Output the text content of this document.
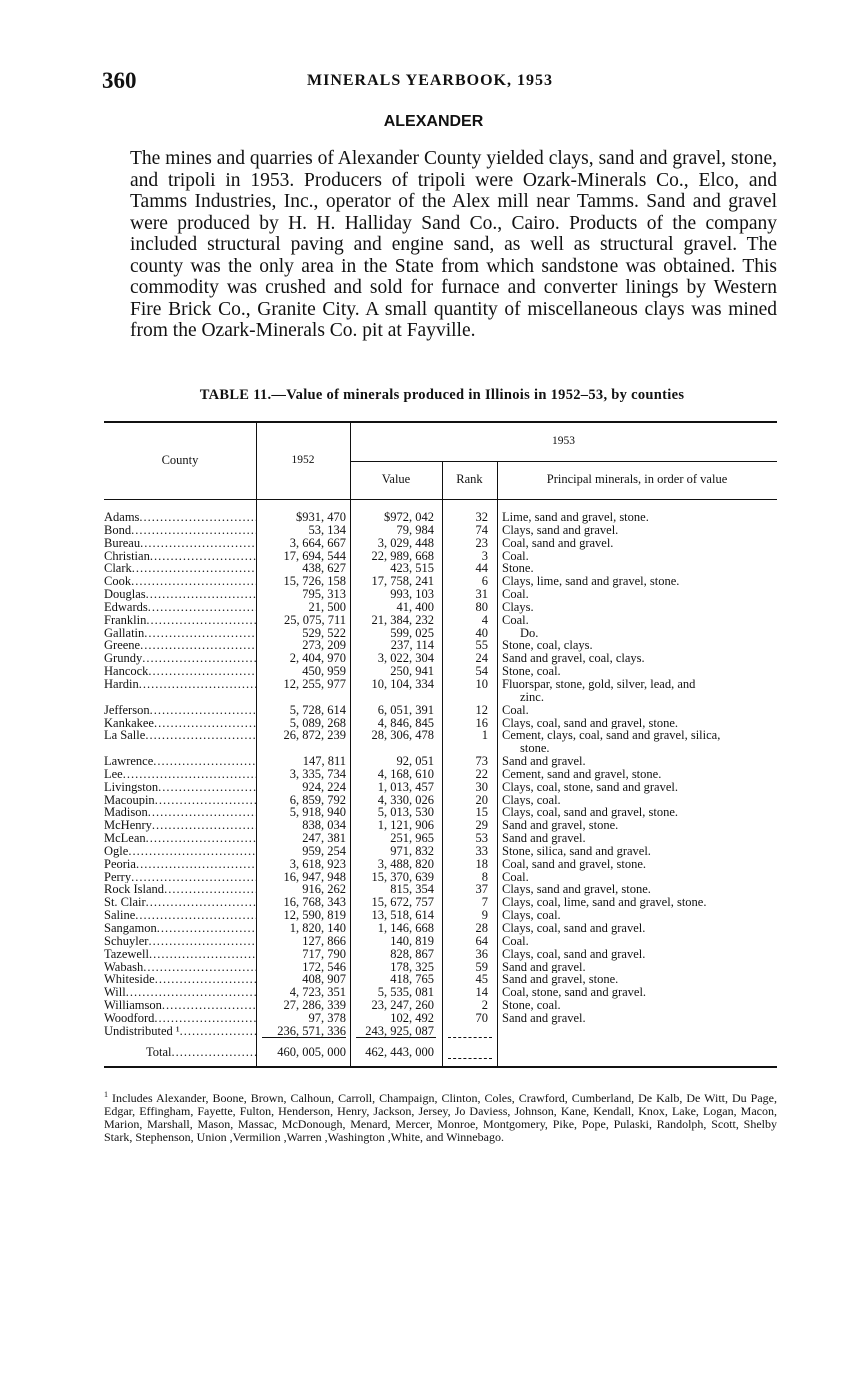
360	MINERALS YEARBOOK, 1953
ALEXANDER
The mines and quarries of Alexander County yielded clays, sand and gravel, stone, and tripoli in 1953. Producers of tripoli were Ozark-Minerals Co., Elco, and Tamms Industries, Inc., operator of the Alex mill near Tamms. Sand and gravel were produced by H. H. Halliday Sand Co., Cairo. Products of the company included structural paving and engine sand, as well as structural gravel. The county was the only area in the State from which sandstone was obtained. This commodity was crushed and sold for furnace and converter linings by Western Fire Brick Co., Granite City. A small quantity of miscellaneous clays was mined from the Ozark-Minerals Co. pit at Fayville.
TABLE 11.—Value of minerals produced in Illinois in 1952–53, by counties
County	1952
1953
Value	Rank	Principal minerals, in order of value
Adams
.....
Bond
.....
Bureau
.....
Christian
.....
Clark
.....
Cook
.....
Douglas
.....
Edwards
.....
Franklin
.....
Gallatin
.....
Greene
.....
Grundy
.....
Hancock
.....
Hardin
.....
Jefferson
.....
Kankakee
.....
La Salle
.....
Lawrence
.....
Lee
.....
Livingston
.....
Macoupin
.....
Madison
.....
McHenry
.....
McLean
.....
Ogle
.....
Peoria
.....
Perry
.....
Rock Island
.....
St. Clair
.....
Saline
.....
Sangamon
.....
Schuyler
.....
Tazewell
.....
Wabash
.....
Whiteside
.....
Will
.....
Williamson
.....
Woodford
.....
Undistributed ¹
.....
$931, 470
53, 134
3, 664, 667
17, 694, 544
438, 627
15, 726, 158
795, 313
21, 500
25, 075, 711
529, 522
273, 209
2, 404, 970
450, 959
12, 255, 977
5, 728, 614
5, 089, 268
26, 872, 239
147, 811
3, 335, 734
924, 224
6, 859, 792
5, 918, 940
838, 034
247, 381
959, 254
3, 618, 923
16, 947, 948
916, 262
16, 768, 343
12, 590, 819
1, 820, 140
127, 866
717, 790
172, 546
408, 907
4, 723, 351
27, 286, 339
97, 378
236, 571, 336
$972, 042
79, 984
3, 029, 448
22, 989, 668
423, 515
17, 758, 241
993, 103
41, 400
21, 384, 232
599, 025
237, 114
3, 022, 304
250, 941
10, 104, 334
6, 051, 391
4, 846, 845
28, 306, 478
92, 051
4, 168, 610
1, 013, 457
4, 330, 026
5, 013, 530
1, 121, 906
251, 965
971, 832
3, 488, 820
15, 370, 639
815, 354
15, 672, 757
13, 518, 614
1, 146, 668
140, 819
828, 867
178, 325
418, 765
5, 535, 081
23, 247, 260
102, 492
243, 925, 087
32
74
23
3
44
6
31
80
4
40
55
24
54
10
12
16
1
73
22
30
20
15
29
53
33
18
8
37
7
9
28
64
36
59
45
14
2
70
Lime, sand and gravel, stone.
Clays, sand and gravel.
Coal, sand and gravel.
Coal.
Stone.
Clays, lime, sand and gravel, stone.
Coal.
Clays.
Coal.
Do.
Stone, coal, clays.
Sand and gravel, coal, clays.
Stone, coal.
Fluorspar, stone, gold, silver, lead, and
zinc.
Coal.
Clays, coal, sand and gravel, stone.
Cement, clays, coal, sand and gravel, silica,
stone.
Sand and gravel.
Cement, sand and gravel, stone.
Clays, coal, stone, sand and gravel.
Clays, coal.
Clays, coal, sand and gravel, stone.
Sand and gravel, stone.
Sand and gravel.
Stone, silica, sand and gravel.
Coal, sand and gravel, stone.
Coal.
Clays, sand and gravel, stone.
Clays, coal, lime, sand and gravel, stone.
Clays, coal.
Clays, coal, sand and gravel.
Coal.
Clays, coal, sand and gravel.
Sand and gravel.
Sand and gravel, stone.
Coal, stone, sand and gravel.
Stone, coal.
Sand and gravel.
Total
.....	460, 005, 000	462, 443, 000
$^1$ Includes Alexander, Boone, Brown, Calhoun, Carroll, Champaign, Clinton, Coles, Crawford, Cumberland, De Kalb, De Witt, Du Page, Edgar, Effingham, Fayette, Fulton, Henderson, Henry, Jackson, Jersey, Jo Daviess, Johnson, Kane, Kendall, Knox, Lake, Logan, Macon, Marion, Marshall, Mason, Massac, McDonough, Menard, Mercer, Monroe, Montgomery, Pike, Pope, Pulaski, Randolph, Scott, Shelby Stark, Stephenson, Union ,Vermilion ,Warren ,Washington ,White, and Winnebago.
